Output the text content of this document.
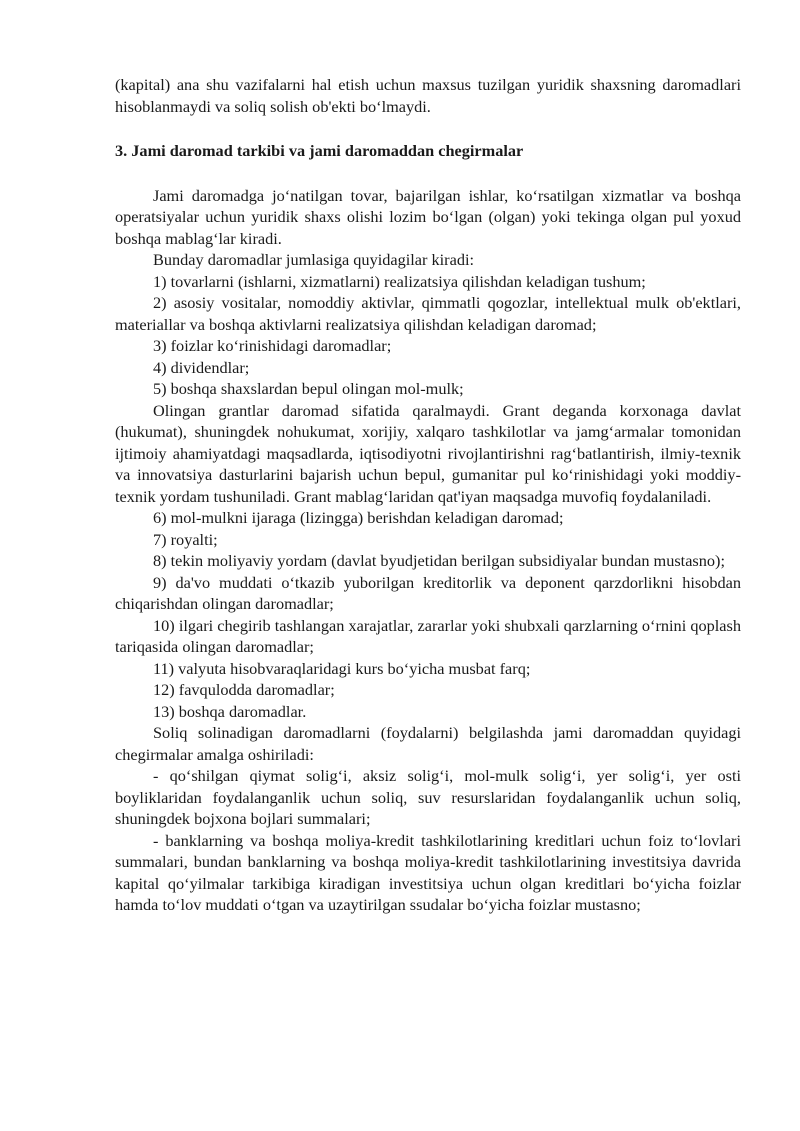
(kapital) ana shu vazifalarni hal etish uchun maxsus tuzilgan yuridik shaxsning daromadlari hisoblanmaydi va soliq solish ob'ekti bo‘lmaydi.

3. Jami daromad tarkibi va jami daromaddan chegirmalar

Jami daromadga jo‘natilgan tovar, bajarilgan ishlar, ko‘rsatilgan xizmatlar va boshqa operatsiyalar uchun yuridik shaxs olishi lozim bo‘lgan (olgan) yoki tekinga olgan pul yoxud boshqa mablag‘lar kiradi.

Bunday daromadlar jumlasiga quyidagilar kiradi:

1) tovarlarni (ishlarni, xizmatlarni) realizatsiya qilishdan keladigan tushum;

2) asosiy vositalar, nomoddiy aktivlar, qimmatli qogozlar, intellektual mulk ob'ektlari, materiallar va boshqa aktivlarni realizatsiya qilishdan keladigan daromad;

3) foizlar ko‘rinishidagi daromadlar;

4) dividendlar;

5) boshqa shaxslardan bepul olingan mol-mulk;

Olingan grantlar daromad sifatida qaralmaydi. Grant deganda korxonaga davlat (hukumat), shuningdek nohukumat, xorijiy, xalqaro tashkilotlar va jamg‘armalar tomonidan ijtimoiy ahamiyatdagi maqsadlarda, iqtisodiyotni rivojlantirishni rag‘batlantirish, ilmiy-texnik va innovatsiya dasturlarini bajarish uchun bepul, gumanitar pul ko‘rinishidagi yoki moddiy-texnik yordam tushuniladi. Grant mablag‘laridan qat'iyan maqsadga muvofiq foydalaniladi.

6) mol-mulkni ijaraga (lizingga) berishdan keladigan daromad;

7) royalti;

8) tekin moliyaviy yordam (davlat byudjetidan berilgan subsidiyalar bundan mustasno);

9) da'vo muddati o‘tkazib yuborilgan kreditorlik va deponent qarzdorlikni hisobdan chiqarishdan olingan daromadlar;

10) ilgari chegirib tashlangan xarajatlar, zararlar yoki shubxali qarzlarning o‘rnini qoplash tariqasida olingan daromadlar;

11) valyuta hisobvaraqlaridagi kurs bo‘yicha musbat farq;

12) favqulodda daromadlar;

13) boshqa daromadlar.

Soliq solinadigan daromadlarni (foydalarni) belgilashda jami daromaddan quyidagi chegirmalar amalga oshiriladi:

- qo‘shilgan qiymat solig‘i, aksiz solig‘i, mol-mulk solig‘i, yer solig‘i, yer osti boyliklaridan foydalanganlik uchun soliq, suv resurslaridan foydalanganlik uchun soliq, shuningdek bojxona bojlari summalari;

- banklarning va boshqa moliya-kredit tashkilotlarining kreditlari uchun foiz to‘lovlari summalari, bundan banklarning va boshqa moliya-kredit tashkilotlarining investitsiya davrida kapital qo‘yilmalar tarkibiga kiradigan investitsiya uchun olgan kreditlari bo‘yicha foizlar hamda to‘lov muddati o‘tgan va uzaytirilgan ssudalar bo‘yicha foizlar mustasno;
